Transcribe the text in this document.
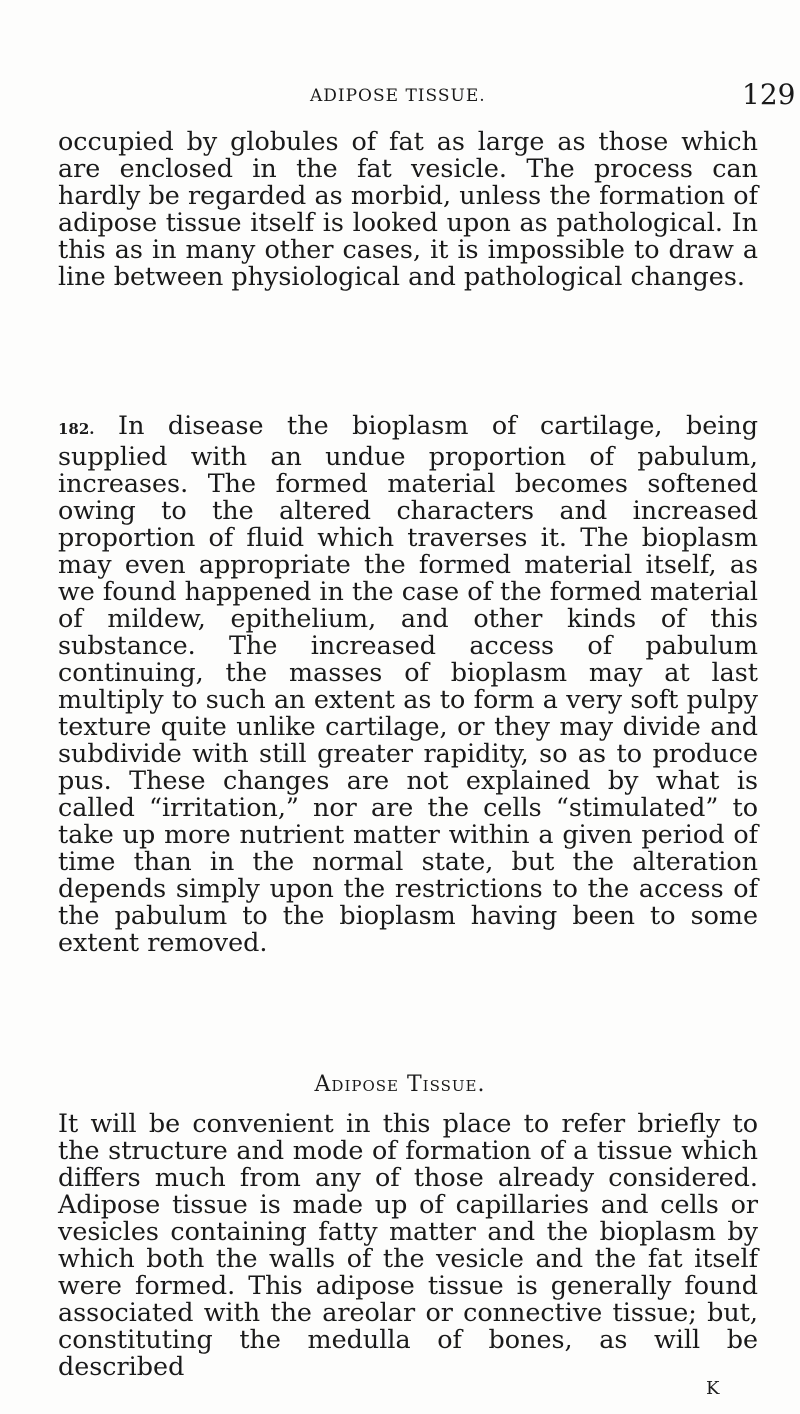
ADIPOSE TISSUE.	129

occupied by globules of fat as large as those which are enclosed in the fat vesicle. The process can hardly be regarded as morbid, unless the formation of adipose tissue itself is looked upon as pathological. In this as in many other cases, it is impossible to draw a line between physiological and pathological changes.

182. In disease the bioplasm of cartilage, being supplied with an undue proportion of pabulum, increases. The formed material becomes softened owing to the altered characters and increased proportion of fluid which traverses it. The bioplasm may even appropriate the formed material itself, as we found happened in the case of the formed material of mildew, epithelium, and other kinds of this substance. The increased access of pabulum continuing, the masses of bioplasm may at last multiply to such an extent as to form a very soft pulpy texture quite unlike cartilage, or they may divide and subdivide with still greater rapidity, so as to produce pus. These changes are not explained by what is called “irritation,” nor are the cells “stimulated” to take up more nutrient matter within a given period of time than in the normal state, but the alteration depends simply upon the restrictions to the access of the pabulum to the bioplasm having been to some extent removed.

Adipose Tissue.

It will be convenient in this place to refer briefly to the structure and mode of formation of a tissue which differs much from any of those already considered. Adipose tissue is made up of capillaries and cells or vesicles containing fatty matter and the bioplasm by which both the walls of the vesicle and the fat itself were formed. This adipose tissue is generally found associated with the areolar or connective tissue; but, constituting the medulla of bones, as will be described

K
